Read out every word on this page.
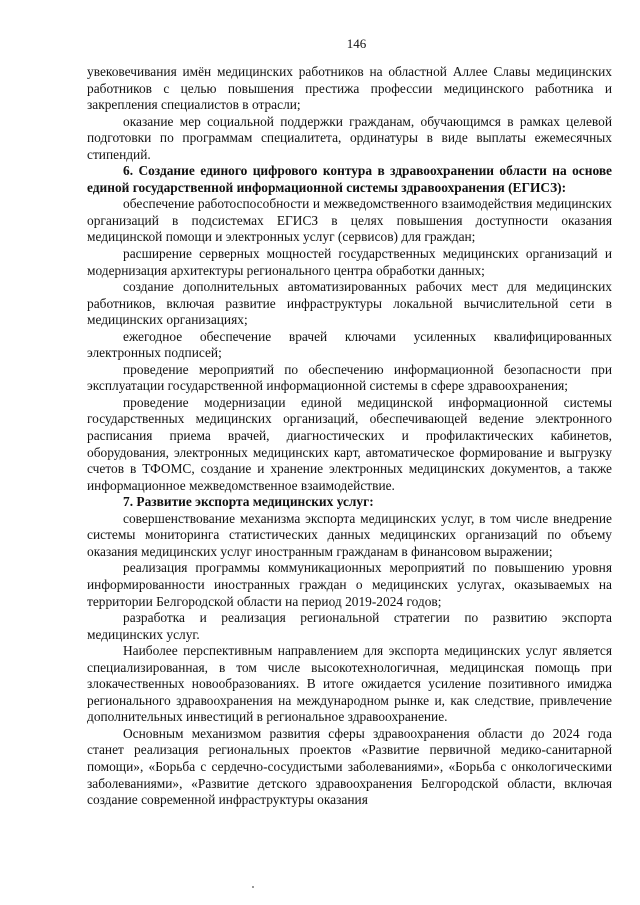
146

увековечивания имён медицинских работников на областной Аллее Славы медицинских работников с целью повышения престижа профессии медицинского работника и закрепления специалистов в отрасли;

оказание мер социальной поддержки гражданам, обучающимся в рамках целевой подготовки по программам специалитета, ординатуры в виде выплаты ежемесячных стипендий.

6. Создание единого цифрового контура в здравоохранении области на основе единой государственной информационной системы здравоохранения (ЕГИСЗ):

обеспечение работоспособности и межведомственного взаимодействия медицинских организаций в подсистемах ЕГИСЗ в целях повышения доступности оказания медицинской помощи и электронных услуг (сервисов) для граждан;

расширение серверных мощностей государственных медицинских организаций и модернизация архитектуры регионального центра обработки данных;

создание дополнительных автоматизированных рабочих мест для медицинских работников, включая развитие инфраструктуры локальной вычислительной сети в медицинских организациях;

ежегодное обеспечение врачей ключами усиленных квалифицированных электронных подписей;

проведение мероприятий по обеспечению информационной безопасности при эксплуатации государственной информационной системы в сфере здравоохранения;

проведение модернизации единой медицинской информационной системы государственных медицинских организаций, обеспечивающей ведение электронного расписания приема врачей, диагностических и профилактических кабинетов, оборудования, электронных медицинских карт, автоматическое формирование и выгрузку счетов в ТФОМС, создание и хранение электронных медицинских документов, а также информационное межведомственное взаимодействие.

7. Развитие экспорта медицинских услуг:

совершенствование механизма экспорта медицинских услуг, в том числе внедрение системы мониторинга статистических данных медицинских организаций по объему оказания медицинских услуг иностранным гражданам в финансовом выражении;

реализация программы коммуникационных мероприятий по повышению уровня информированности иностранных граждан о медицинских услугах, оказываемых на территории Белгородской области на период 2019-2024 годов;

разработка и реализация региональной стратегии по развитию экспорта медицинских услуг.

Наиболее перспективным направлением для экспорта медицинских услуг является специализированная, в том числе высокотехнологичная, медицинская помощь при злокачественных новообразованиях. В итоге ожидается усиление позитивного имиджа регионального здравоохранения на международном рынке и, как следствие, привлечение дополнительных инвестиций в региональное здравоохранение.

Основным механизмом развития сферы здравоохранения области до 2024 года станет реализация региональных проектов «Развитие первичной медико-санитарной помощи», «Борьба с сердечно-сосудистыми заболеваниями», «Борьба с онкологическими заболеваниями», «Развитие детского здравоохранения Белгородской области, включая создание современной инфраструктуры оказания
